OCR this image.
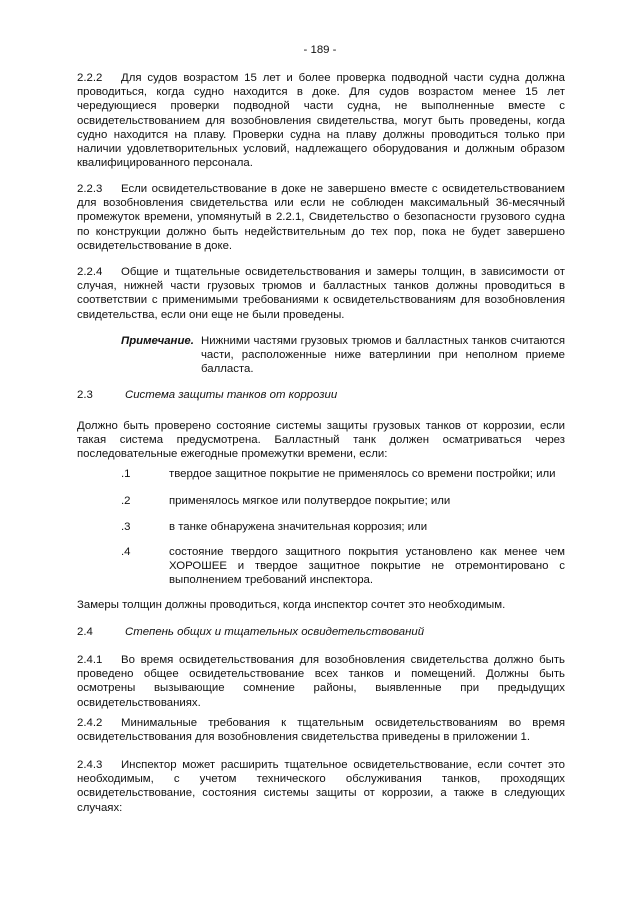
- 189 -
2.2.2 Для судов возрастом 15 лет и более проверка подводной части судна должна проводиться, когда судно находится в доке. Для судов возрастом менее 15 лет чередующиеся проверки подводной части судна, не выполненные вместе с освидетельствованием для возобновления свидетельства, могут быть проведены, когда судно находится на плаву. Проверки судна на плаву должны проводиться только при наличии удовлетворительных условий, надлежащего оборудования и должным образом квалифицированного персонала.
2.2.3 Если освидетельствование в доке не завершено вместе с освидетельствованием для возобновления свидетельства или если не соблюден максимальный 36-месячный промежуток времени, упомянутый в 2.2.1, Свидетельство о безопасности грузового судна по конструкции должно быть недействительным до тех пор, пока не будет завершено освидетельствование в доке.
2.2.4 Общие и тщательные освидетельствования и замеры толщин, в зависимости от случая, нижней части грузовых трюмов и балластных танков должны проводиться в соответствии с применимыми требованиями к освидетельствованиям для возобновления свидетельства, если они еще не были проведены.
Примечание. Нижними частями грузовых трюмов и балластных танков считаются части, расположенные ниже ватерлинии при неполном приеме балласта.
2.3	Система защиты танков от коррозии
Должно быть проверено состояние системы защиты грузовых танков от коррозии, если такая система предусмотрена. Балластный танк должен осматриваться через последовательные ежегодные промежутки времени, если:
.1	твердое защитное покрытие не применялось со времени постройки; или
.2	применялось мягкое или полутвердое покрытие; или
.3	в танке обнаружена значительная коррозия; или
.4	состояние твердого защитного покрытия установлено как менее чем ХОРОШЕЕ и твердое защитное покрытие не отремонтировано с выполнением требований инспектора.
Замеры толщин должны проводиться, когда инспектор сочтет это необходимым.
2.4	Степень общих и тщательных освидетельствований
2.4.1 Во время освидетельствования для возобновления свидетельства должно быть проведено общее освидетельствование всех танков и помещений. Должны быть осмотрены вызывающие сомнение районы, выявленные при предыдущих освидетельствованиях.
2.4.2 Минимальные требования к тщательным освидетельствованиям во время освидетельствования для возобновления свидетельства приведены в приложении 1.
2.4.3 Инспектор может расширить тщательное освидетельствование, если сочтет это необходимым, с учетом технического обслуживания танков, проходящих освидетельствование, состояния системы защиты от коррозии, а также в следующих случаях:
